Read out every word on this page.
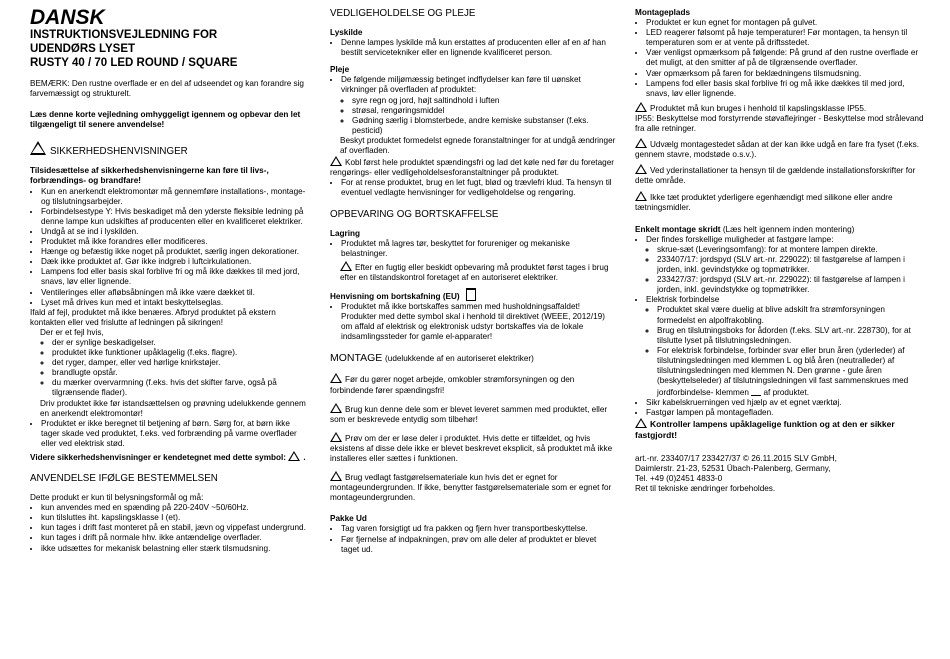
DANSK
INSTRUKTIONSVEJLEDNING FOR
UDENDØRS LYSET
RUSTY 40 / 70 LED ROUND / SQUARE

BEMÆRK: Den rustne overflade er en del af udseendet og kan forandre sig farvemæssigt og strukturelt.

Læs denne korte vejledning omhyggeligt igennem og opbevar den let tilgængeligt til senere anvendelse!

SIKKERHEDSHENVISNINGER

Tilsidesættelse af sikkerhedshenvisningerne kan føre til livs-, forbrændings- og brandfare!

• Kun en anerkendt elektromontør må gennemføre installations-, montage- og tilslutningsarbejder.
• Forbindelsestype Y: Hvis beskadiget må den yderste fleksible ledning på denne lampe kun udskiftes af producenten eller en kvalificeret elektriker.
• Undgå at se ind i lyskilden.
• Produktet må ikke forandres eller modificeres.
• Hænge og befæstig ikke noget på produktet, særlig ingen dekorationer.
• Dæk ikke produktet af. Gør ikke indgreb i luftcirkulationen.
• Lampens fod eller basis skal forblive fri og må ikke dækkes til med jord, snavs, løv eller lignende.
• Ventileringes eller afløbsåbningen må ikke være dækket til.
• Lyset må drives kun med et intakt beskyttelseglas.

Ifald af fejl, produktet må ikke benæres. Afbryd produktet på ekstern kontakten eller ved frislutte af ledningen på sikringen!

Der er et fejl hvis,

◦ der er synlige beskadigelser.
◦ produktet ikke funktioner upåklagelig (f.eks. flagre).
◦ det ryger, damper, eller ved hørlige knirkstøjer.
◦ brandlugte opstår.
◦ du mærker overvarmning (f.eks. hvis det skifter farve, også på tilgrænsende flader).

Driv produktet ikke før istandsættelsen og prøvning udelukkende gennem en anerkendt elektromontør!

• Produktet er ikke beregnet til betjening af børn. Sørg for, at børn ikke tager skade ved produktet, f.eks. ved forbrænding på varme overflader eller ved elektrisk stød.

Videre sikkerhedshenvisninger er kendetegnet med dette symbol: .

ANVENDELSE IFØLGE BESTEMMELSEN

Dette produkt er kun til belysningsformål og må:

• kun anvendes med en spænding på 220-240V ~50/60Hz.
• kun tilsluttes iht. kapslingsklasse I (et).
• kun tages i drift fast monteret på en stabil, jævn og vippefast undergrund.
• kun tages i drift på normale hhv. ikke antændelige overflader.
• ikke udsættes for mekanisk belastning eller stærk tilsmudsning.
VEDLIGEHOLDELSE OG PLEJE
Lyskilde
• Denne lampes lyskilde må kun erstattes af producenten eller af en af han bestilt servicetekniker eller en lignende kvalificeret person.
Pleje
• De følgende miljømæssig betinget indflydelser kan føre til uønsket virkninger på overfladen af produktet:
◦ syre regn og jord, højt saltindhold i luften
◦ strøsal, rengøringsmiddel
◦ Gødning særlig i blomsterbede, andre kemiske substanser (f.eks. pesticid)

Beskyt produktet formedelst egnede foranstaltninger for at undgå ændringer af overfladen.

Kobl først hele produktet spændingsfri og lad det køle ned før du foretager rengørings- eller vedligeholdelsesforanstaltninger på produktet.

• For at rense produktet, brug en let fugt, blød og trævlefri klud. Ta hensyn til eventuel vedlagte henvisninger for vedligeholdelse og rengøring.
OPBEVARING OG BORTSKAFFELSE
Lagring
• Produktet må lagres tør, beskyttet for forureniger og mekaniske belastninger.

Efter en fugtig eller beskidt opbevaring må produktet først tages i brug efter en tilstandskontrol foretaget af en autoriseret elektriker.

Henvisning om bortskafning (EU)
• Produktet må ikke bortskaffes sammen med husholdningsaffaldet! Produkter med dette symbol skal i henhold til direktivet (WEEE, 2012/19) om affald af elektrisk og elektronisk udstyr bortskaffes via de lokale indsamlingssteder for gamle el-apparater!
MONTAGE (udelukkende af en autoriseret elektriker)

Før du gører noget arbejde, omkobler strømforsyningen og den forbindende fører spændingsfri!

Brug kun denne dele som er blevet leveret sammen med produktet, eller som er beskrevede entydig som tilbehør!

Prøv om der er løse deler i produktet. Hvis dette er tilfældet, og hvis eksistens af disse dele ikke er blevet beskrevet eksplicit, så produktet må ikke installeres eller sættes i funktionen.

Brug vedlagt fastgørelsemateriale kun hvis det er egnet for montageundergrunden. If ikke, benytter fastgørelsemateriale som er egnet for montageundergrunden.

Pakke Ud
• Tag varen forsigtigt ud fra pakken og fjern hver transportbeskyttelse.
• Før fjernelse af indpakningen, prøv om alle deler af produktet er blevet taget ud.
Montageplads
• Produktet er kun egnet for montagen på gulvet.
• LED reagerer følsomt på høje temperaturer! Før montagen, ta hensyn til temperaturen som er at vente på driftsstedet.
• Vær venligst opmærksom på følgende: På grund af den rustne overflade er det muligt, at den smitter af på de tilgrænsende overflader.
• Vær opmærksom på faren for beklædningens tilsmudsning.
• Lampens fod eller basis skal forblive fri og må ikke dækkes til med jord, snavs, løv eller lignende.

Produktet må kun bruges i henhold til kapslingsklasse IP55.

IP55: Beskyttelse mod forstyrrende støvaflejringer - Beskyttelse mod strålevand fra alle retninger.

Udvælg montagestedet sådan at der kan ikke udgå en fare fra fyset (f.eks. gennem stavre, modstøde o.s.v.).

Ved yderinstallationer ta hensyn til de gældende installationsforskrifter for dette område.

Ikke tæt produktet yderligere egenhændigt med silikone eller andre tætningsmidler.

Enkelt montage skridt (Læs helt igennem inden montering)
• Der findes forskellige muligheder at fastgøre lampe:
◦ skrue-sæt (Leveringsomfang): for at montere lampen direkte.
◦ 233407/17: jordspyd (SLV art.-nr. 229022): til fastgørelse af lampen i jorden, inkl. gevindstykke og topmøtrikker.
◦ 233427/37: jordspyd (SLV art.-nr. 229022): til fastgørelse af lampen i jorden, inkl. gevindstykke og topmøtrikker.
• Elektrisk forbindelse
◦ Produktet skal være duelig at blive adskilt fra strømforsyningen formedelst en alpolfrakobling.
◦ Brug en tilslutningsboks for ådorden (f.eks. SLV art.-nr. 228730), for at tilslutte lyset på tilslutningsledningen.
◦ For elektrisk forbindelse, forbinder svar eller brun åren (yderleder) af tilslutningsledningen med klemmen L og blå åren (neutralleder) af tilslutningsledningen med klemmen N. Den grønne - gule åren (beskyttelseleder) af tilslutningsledningen vil fast sammenskrues med jordforbindelse- klemmen af produktet.
• Sikr kabelskruerningen ved hjælp av et egnet værktøj.
• Fastgør lampen på montagefladen.

Kontroller lampens upåklagelige funktion og at den er sikker fastgjordt!

art.-nr. 233407/17 233427/37 © 26.11.2015 SLV GmbH,

Daimlerstr. 21-23, 52531 Übach-Palenberg, Germany,

Tel. +49 (0)2451 4833-0

Ret til tekniske ændringer forbeholdes.
